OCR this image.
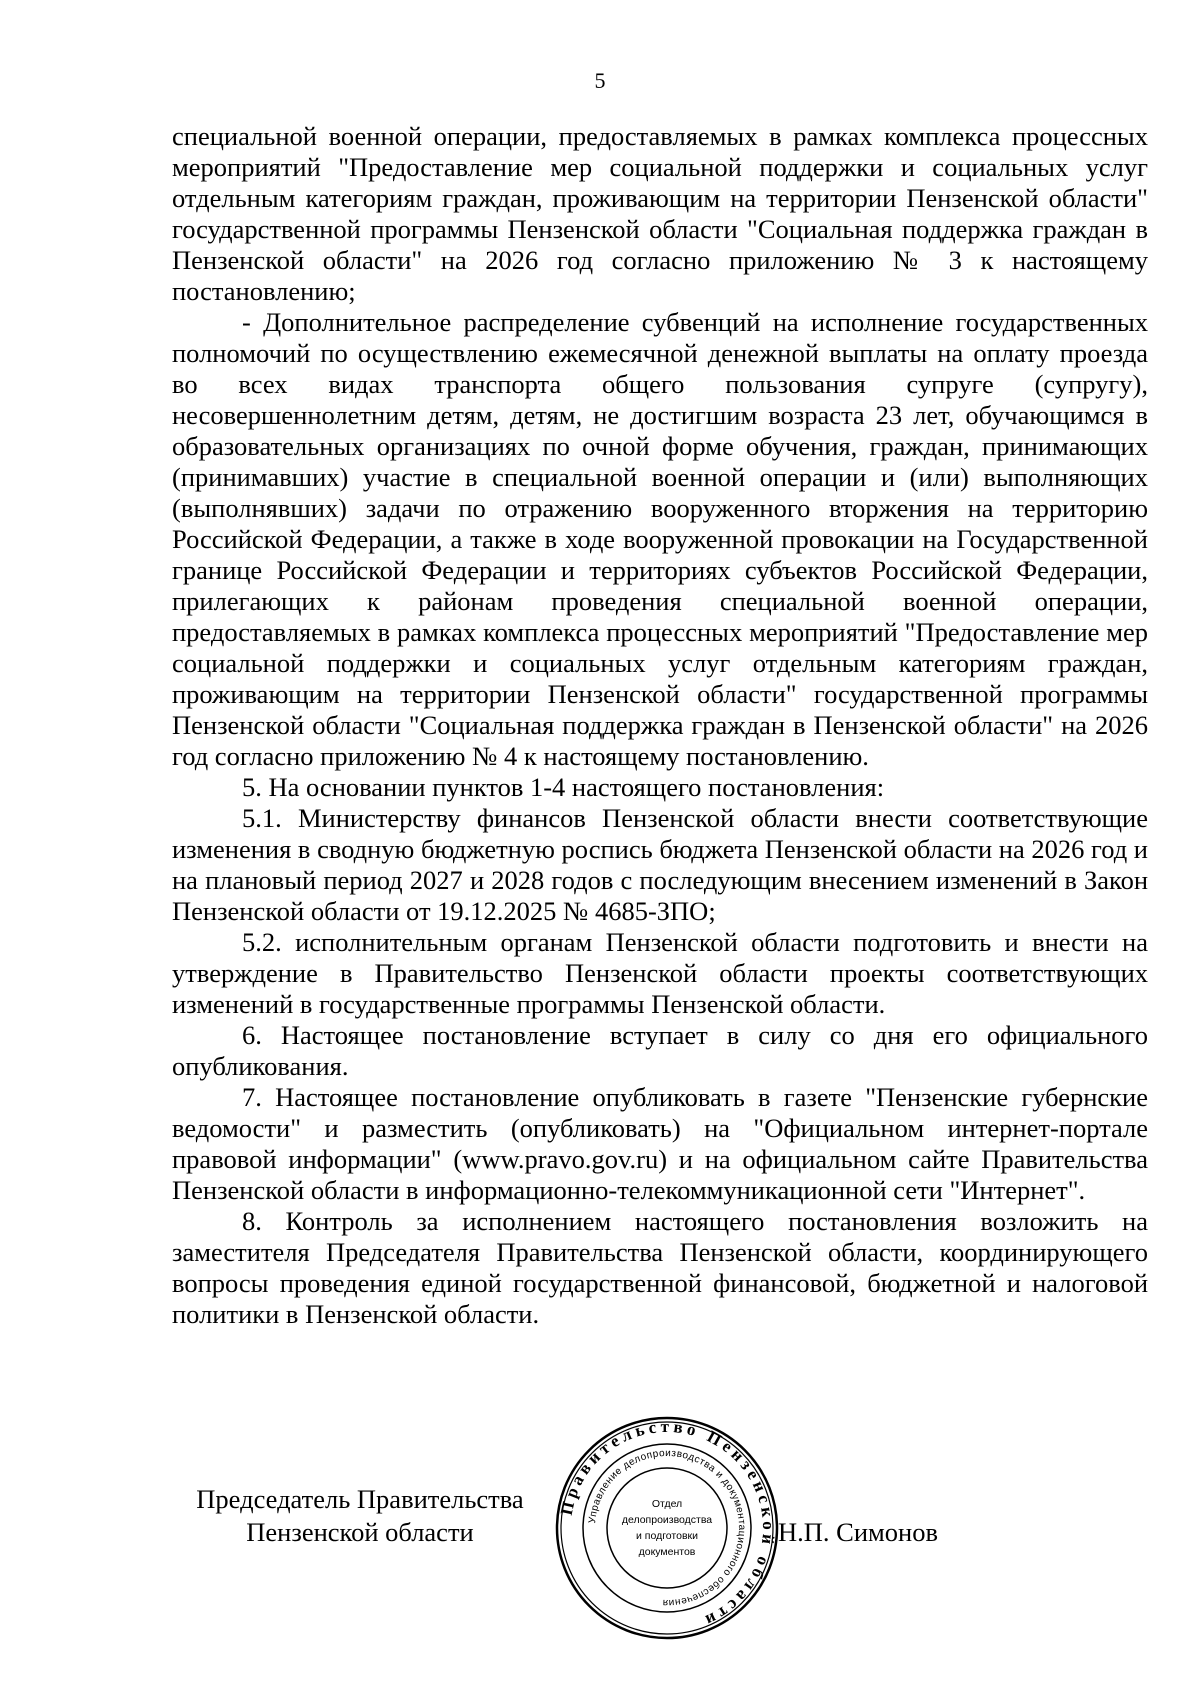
5

специальной военной операции, предоставляемых в рамках комплекса процессных мероприятий "Предоставление мер социальной поддержки и социальных услуг отдельным категориям граждан, проживающим на территории Пензенской области" государственной программы Пензенской области "Социальная поддержка граждан в Пензенской области" на 2026 год согласно приложению № 3 к настоящему постановлению;

- Дополнительное распределение субвенций на исполнение государственных полномочий по осуществлению ежемесячной денежной выплаты на оплату проезда во всех видах транспорта общего пользования супруге (супругу), несовершеннолетним детям, детям, не достигшим возраста 23 лет, обучающимся в образовательных организациях по очной форме обучения, граждан, принимающих (принимавших) участие в специальной военной операции и (или) выполняющих (выполнявших) задачи по отражению вооруженного вторжения на территорию Российской Федерации, а также в ходе вооруженной провокации на Государственной границе Российской Федерации и территориях субъектов Российской Федерации, прилегающих к районам проведения специальной военной операции, предоставляемых в рамках комплекса процессных мероприятий "Предоставление мер социальной поддержки и социальных услуг отдельным категориям граждан, проживающим на территории Пензенской области" государственной программы Пензенской области "Социальная поддержка граждан в Пензенской области" на 2026 год согласно приложению № 4 к настоящему постановлению.

5. На основании пунктов 1-4 настоящего постановления:

5.1. Министерству финансов Пензенской области внести соответствующие изменения в сводную бюджетную роспись бюджета Пензенской области на 2026 год и на плановый период 2027 и 2028 годов с последующим внесением изменений в Закон Пензенской области от 19.12.2025 № 4685-ЗПО;

5.2. исполнительным органам Пензенской области подготовить и внести на утверждение в Правительство Пензенской области проекты соответствующих изменений в государственные программы Пензенской области.

6. Настоящее постановление вступает в силу со дня его официального опубликования.

7. Настоящее постановление опубликовать в газете "Пензенские губернские ведомости" и разместить (опубликовать) на "Официальном интернет-портале правовой информации" (www.pravo.gov.ru) и на официальном сайте Правительства Пензенской области в информационно-телекоммуникационной сети "Интернет".

8. Контроль за исполнением настоящего постановления возложить на заместителя Председателя Правительства Пензенской области, координирующего вопросы проведения единой государственной финансовой, бюджетной и налоговой политики в Пензенской области.

Председатель Правительства
Пензенской области
Правительство Пензенской области
Управление делопроизводства и документационного обеспечения
Отдел
делопроизводства
и подготовки
документов
Н.П. Симонов
